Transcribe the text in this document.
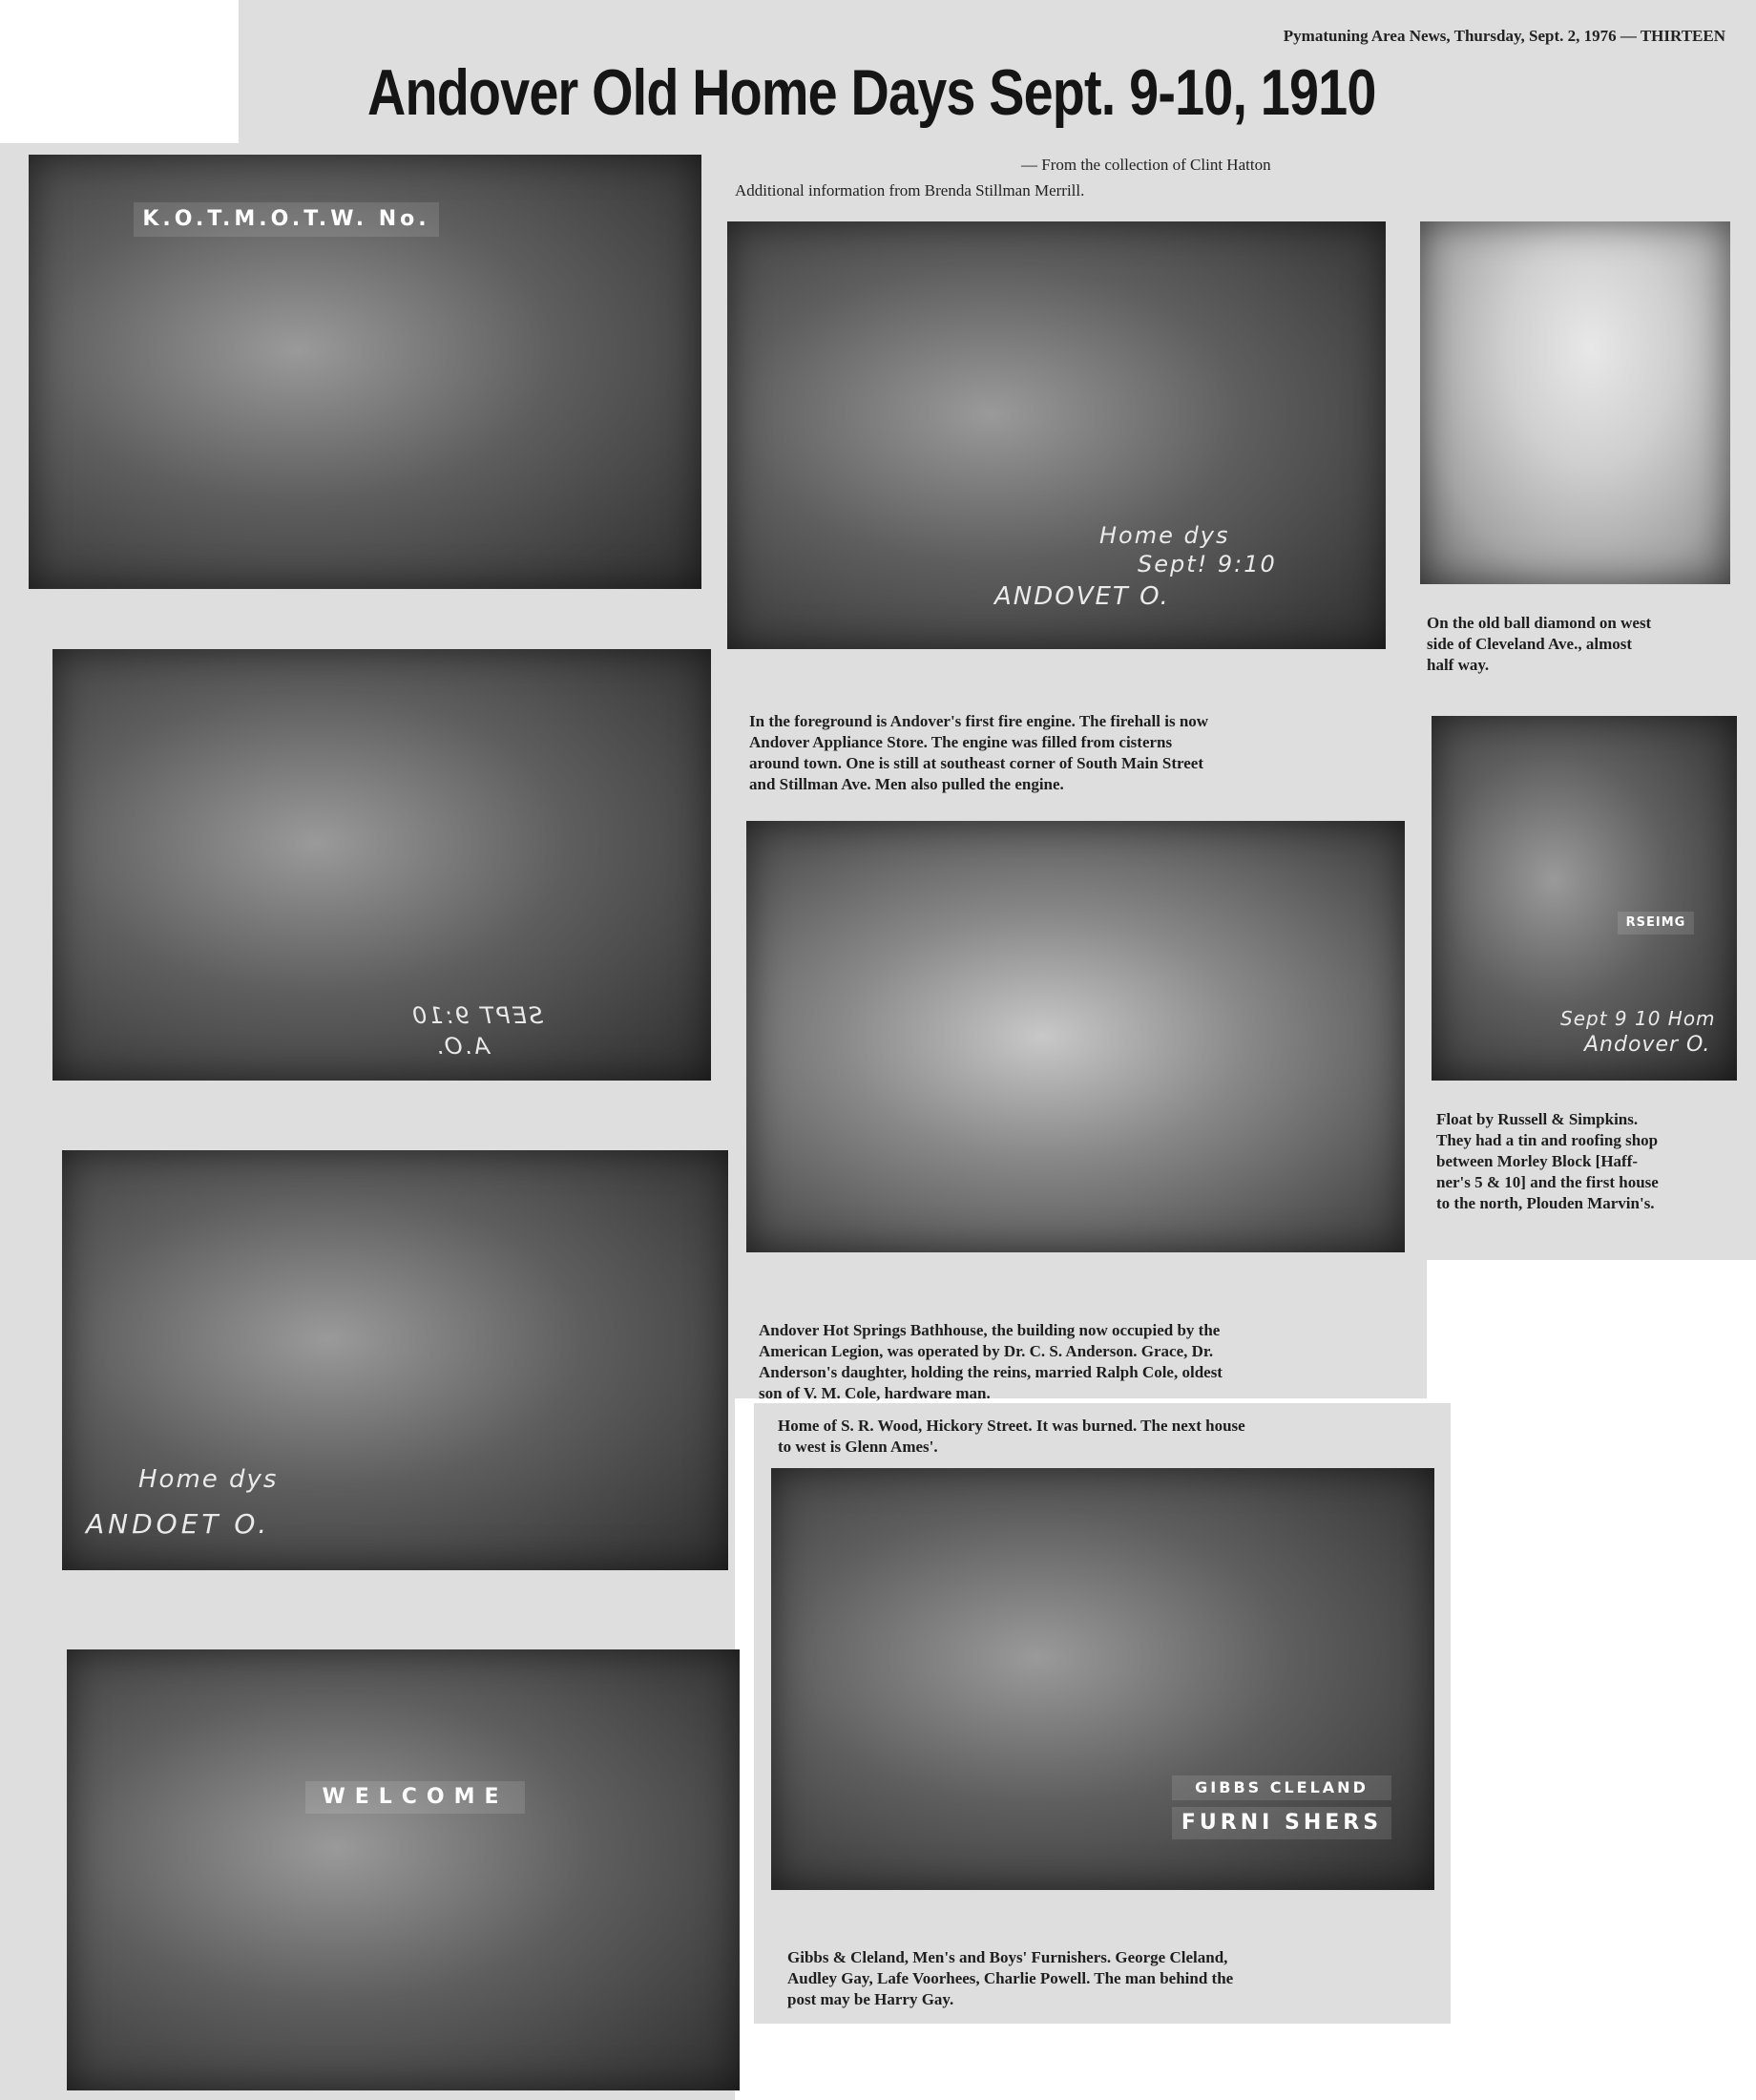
Pymatuning Area News, Thursday, Sept. 2, 1976 — THIRTEEN
Andover Old Home Days Sept. 9-10, 1910
— From the collection of Clint Hatton
Additional information from Brenda Stillman Merrill.
K.O.T.M.O.T.W. No.
Home dys
Sept! 9:10
ANDOVET O.
On the old ball diamond on west
side of Cleveland Ave., almost
half way.
SEPT 9:10
A.O.
In the foreground is Andover's first fire engine. The firehall is now
Andover Appliance Store. The engine was filled from cisterns
around town. One is still at southeast corner of South Main Street
and Stillman Ave. Men also pulled the engine.
RSEIMG
Sept 9 10 Hom
Andover O.
Float by Russell & Simpkins.
They had a tin and roofing shop
between Morley Block [Haff-
ner's 5 & 10] and the first house
to the north, Plouden Marvin's.
Home dys
ANDOET O.
Andover Hot Springs Bathhouse, the building now occupied by the
American Legion, was operated by Dr. C. S. Anderson. Grace, Dr.
Anderson's daughter, holding the reins, married Ralph Cole, oldest
son of V. M. Cole, hardware man.
Home of S. R. Wood, Hickory Street. It was burned. The next house
to west is Glenn Ames'.
GIBBS CLELAND
FURNI SHERS
WELCOME
Gibbs & Cleland, Men's and Boys' Furnishers. George Cleland,
Audley Gay, Lafe Voorhees, Charlie Powell. The man behind the
post may be Harry Gay.
